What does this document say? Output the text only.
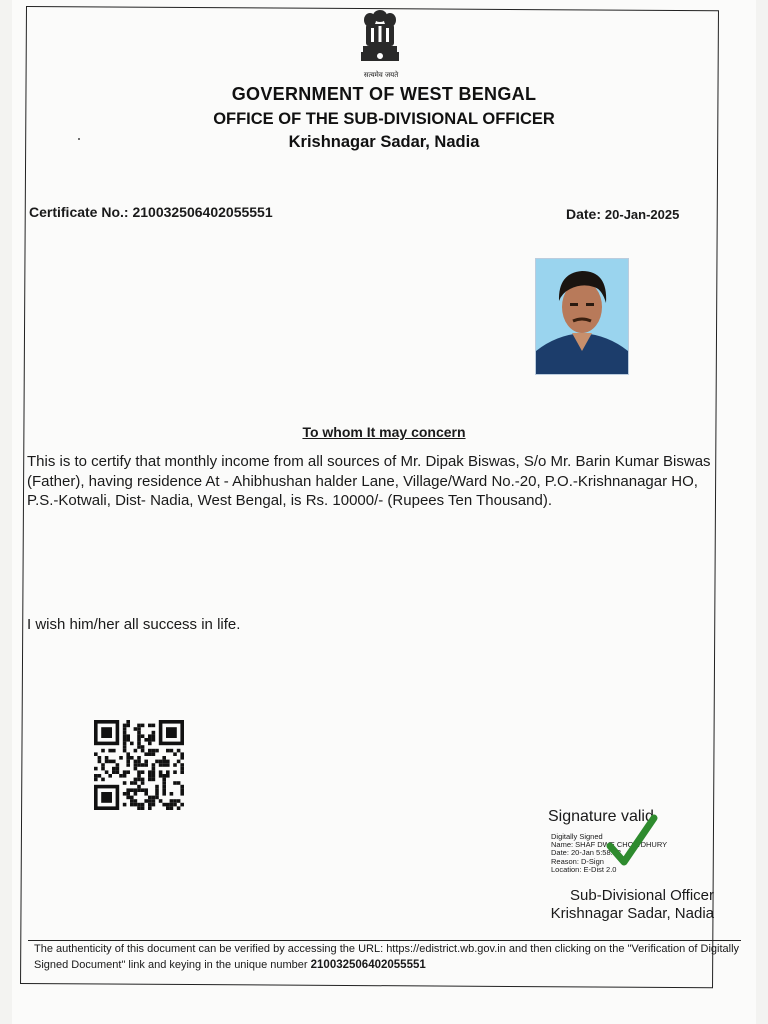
सत्यमेव जयते
GOVERNMENT OF WEST BENGAL
OFFICE OF THE SUB-DIVISIONAL OFFICER
Krishnagar Sadar, Nadia
Certificate No.: 210032506402055551	Date: 20-Jan-2025
To whom It may concern
This is to certify that monthly income from all sources of Mr. Dipak Biswas, S/o Mr. Barin Kumar Biswas (Father), having residence At - Ahibhushan halder Lane, Village/Ward No.-20, P.O.-Krishnanagar HO, P.S.-Kotwali, Dist- Nadia, West Bengal, is Rs. 10000/- (Rupees Ten Thousand).
I wish him/her all success in life.
Signature valid
Digitally Signed
Name: SHAF DWE CHOWDHURY
Date: 20-Jan 5:58:23
Reason: D-Sign
Location: E-Dist 2.0
Sub-Divisional Officer
Krishnagar Sadar, Nadia
The authenticity of this document can be verified by accessing the URL: https://edistrict.wb.gov.in and then clicking on the "Verification of Digitally Signed Document" link and keying in the unique number 210032506402055551
